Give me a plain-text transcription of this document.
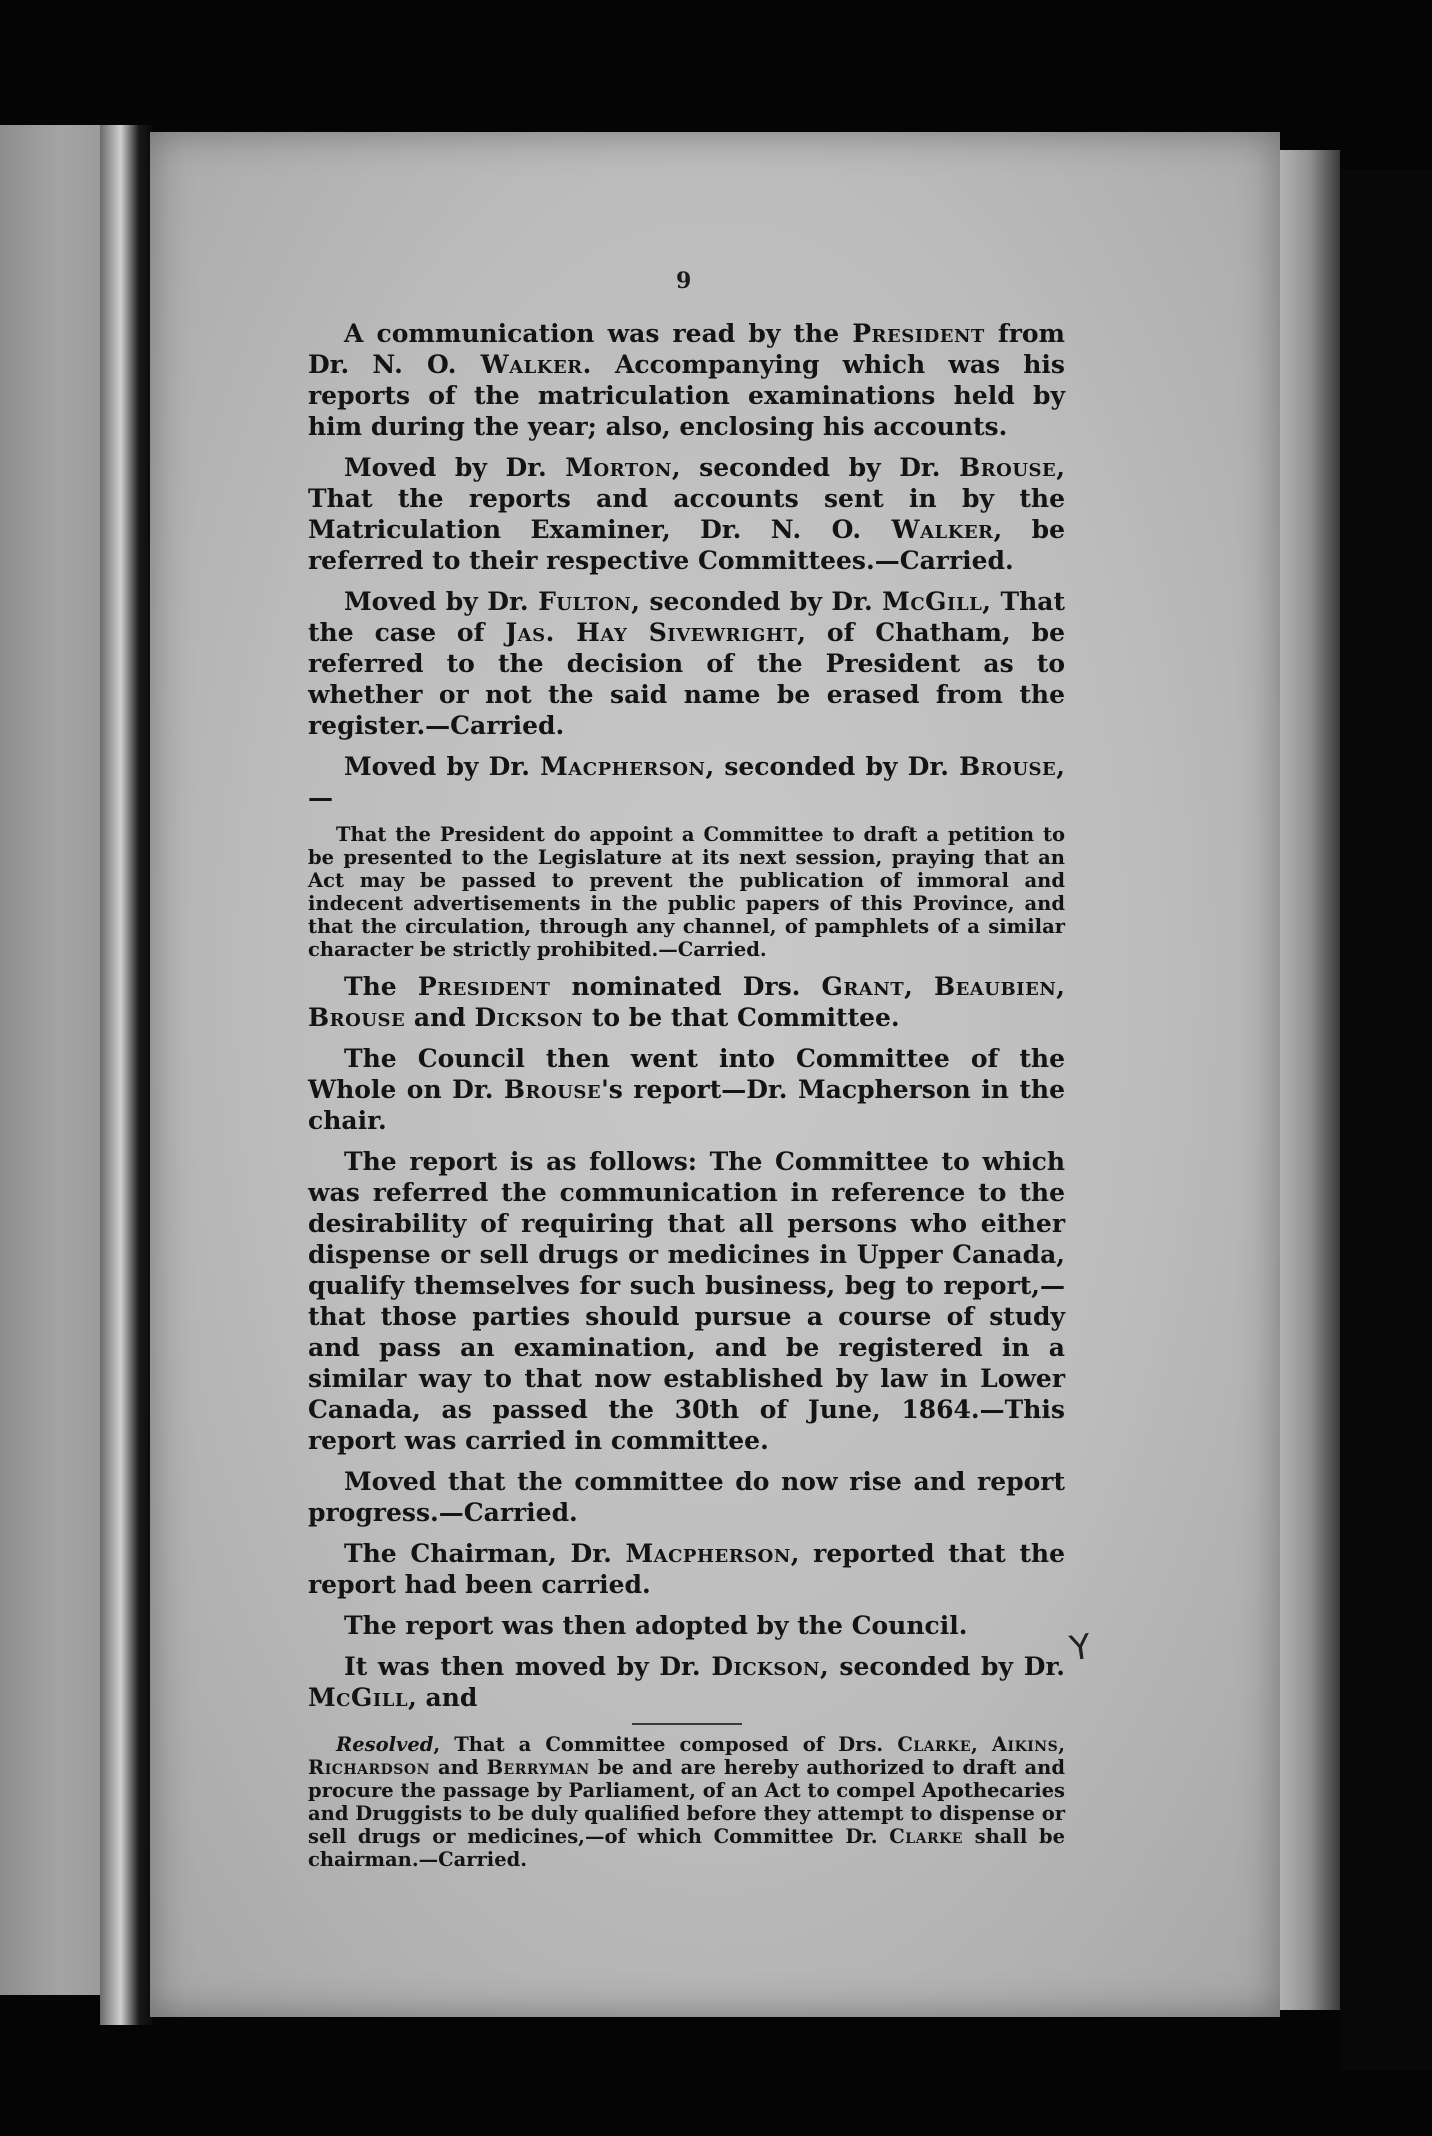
9

A communication was read by the President from Dr. N. O. Walker. Accompanying which was his reports of the matriculation examinations held by him during the year; also, enclosing his accounts.

Moved by Dr. Morton, seconded by Dr. Brouse, That the reports and accounts sent in by the Matriculation Examiner, Dr. N. O. Walker, be referred to their respective Committees.—Carried.

Moved by Dr. Fulton, seconded by Dr. McGill, That the case of Jas. Hay Sivewright, of Chatham, be referred to the decision of the President as to whether or not the said name be erased from the register.—Carried.

Moved by Dr. Macpherson, seconded by Dr. Brouse,—

That the President do appoint a Committee to draft a petition to be presented to the Legislature at its next session, praying that an Act may be passed to prevent the publication of immoral and indecent advertisements in the public papers of this Province, and that the circulation, through any channel, of pamphlets of a similar character be strictly prohibited.—Carried.

The President nominated Drs. Grant, Beaubien, Brouse and Dickson to be that Committee.

The Council then went into Committee of the Whole on Dr. Brouse's report—Dr. Macpherson in the chair.

The report is as follows: The Committee to which was referred the communication in reference to the desirability of requiring that all persons who either dispense or sell drugs or medicines in Upper Canada, qualify themselves for such business, beg to report,—that those parties should pursue a course of study and pass an examination, and be registered in a similar way to that now established by law in Lower Canada, as passed the 30th of June, 1864.—This report was carried in committee.

Moved that the committee do now rise and report progress.—Carried.

The Chairman, Dr. Macpherson, reported that the report had been carried.

The report was then adopted by the Council.

It was then moved by Dr. Dickson, seconded by Dr. McGill, and

Resolved, That a Committee composed of Drs. Clarke, Aikins, Richardson and Berryman be and are hereby authorized to draft and procure the passage by Parliament, of an Act to compel Apothecaries and Druggists to be duly qualified before they attempt to dispense or sell drugs or medicines,—of which Committee Dr. Clarke shall be chairman.—Carried.

Y
